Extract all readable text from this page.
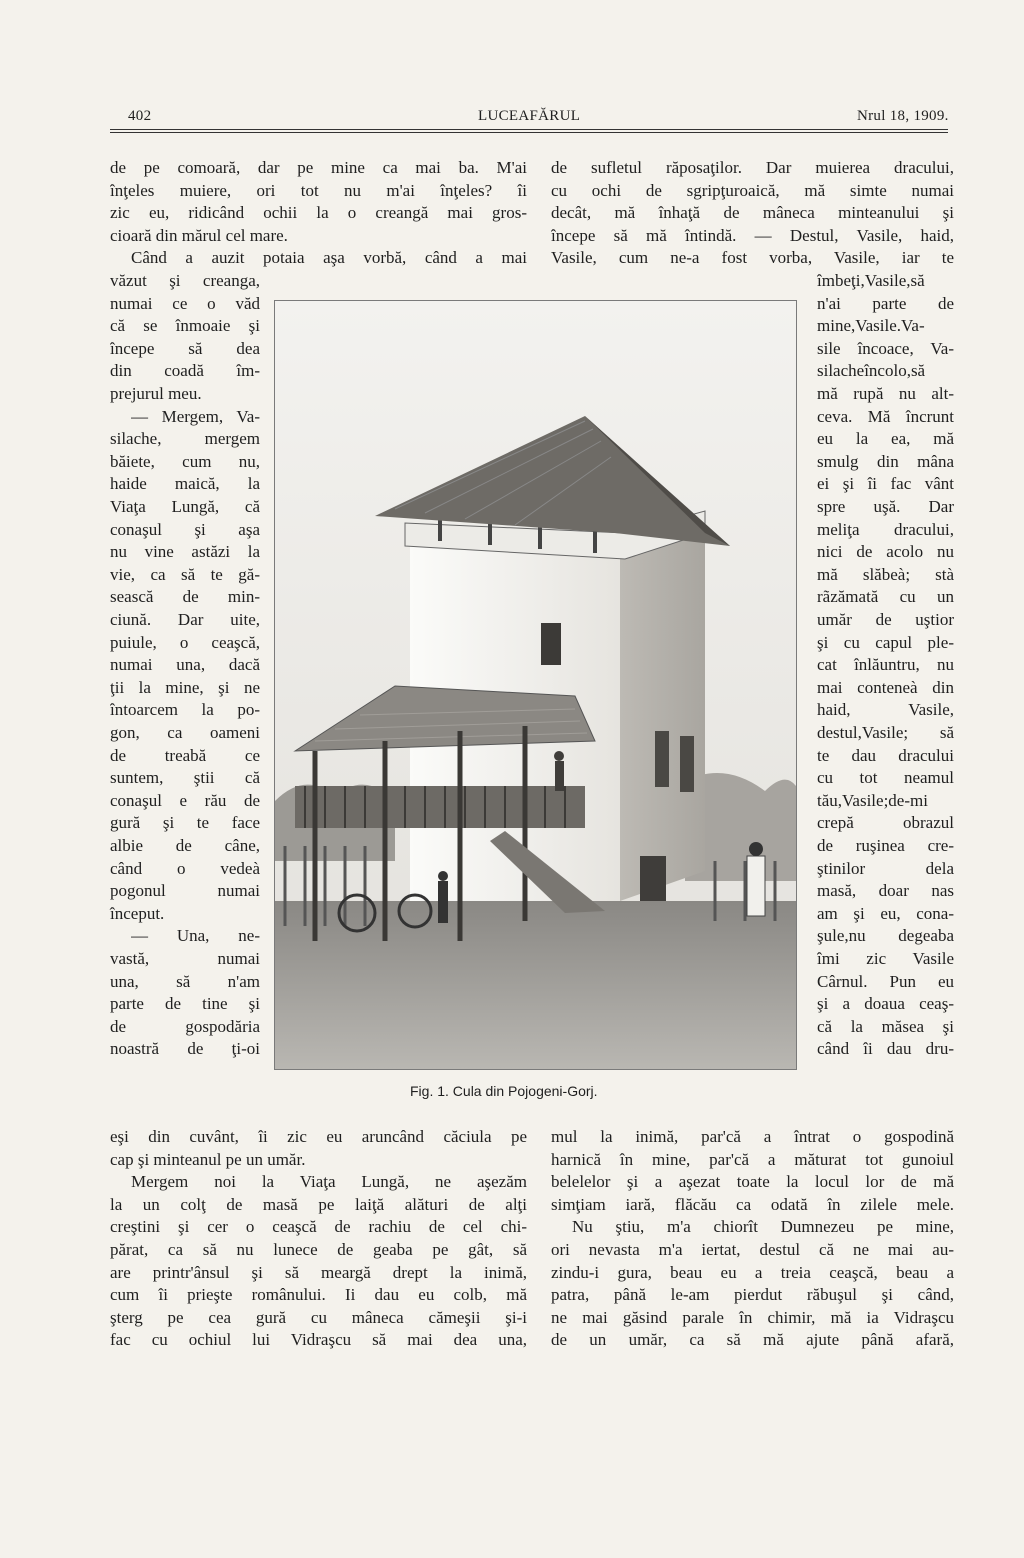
402	LUCEAFĂRUL	Nrul 18, 1909.
de pe comoară, dar pe mine ca mai ba. M'ai
înţeles muiere, ori tot nu m'ai înţeles? îi
zic eu, ridicând ochii la o creangă mai gros-
cioară din mărul cel mare.
Când a auzit potaia aşa vorbă, când a mai
văzut şi creanga,
numai ce o văd
că se înmoaie şi
începe să dea
din coadă îm-
prejurul meu.
— Mergem, Va-
silache, mergem
băiete, cum nu,
haide maică, la
Viaţa Lungă, că
conaşul şi aşa
nu vine astăzi la
vie, ca să te gă-
sească de min-
ciună. Dar uite,
puiule, o ceaşcă,
numai una, dacă
ţii la mine, şi ne
întoarcem la po-
gon, ca oameni
de treabă ce
suntem, ştii că
conaşul e rău de
gură şi te face
albie de câne,
când o vedeà
pogonul numai
început.
— Una, ne-
vastă, numai
una, să n'am
parte de tine şi
de gospodăria
noastră de ţi-oi
eşi din cuvânt, îi zic eu aruncând căciula pe
cap şi minteanul pe un umăr.
Mergem noi la Viaţa Lungă, ne aşezăm
la un colţ de masă pe laiţă alături de alţi
creştini şi cer o ceaşcă de rachiu de cel chi-
părat, ca să nu lunece de geaba pe gât, să
are printr'ânsul şi să meargă drept la inimă,
cum îi prieşte românului. Ii dau eu colb, mă
şterg pe cea gură cu mâneca cămeşii şi-i
fac cu ochiul lui Vidraşcu să mai dea una,
de sufletul răposaţilor. Dar muierea dracului,
cu ochi de sgripţuroaică, mă simte numai
decât, mă înhaţă de mâneca minteanului şi
începe să mă întindă. — Destul, Vasile, haid,
Vasile, cum ne-a fost vorba, Vasile, iar te
îmbeţi,Vasile,să
n'ai parte de
mine,Vasile.Va-
sile încoace, Va-
silacheîncolo,să
mă rupă nu alt-
ceva. Mă încrunt
eu la ea, mă
smulg din mâna
ei şi îi fac vânt
spre uşă. Dar
meliţa dracului,
nici de acolo nu
mă slăbeà; stà
rãzămată cu un
umăr de uştior
şi cu capul ple-
cat înlăuntru, nu
mai conteneà din
haid, Vasile,
destul,Vasile; să
te dau dracului
cu tot neamul
tău,Vasile;de-mi
crepă obrazul
de ruşinea cre-
ştinilor dela
masă, doar nas
am şi eu, cona-
şule,nu degeaba
îmi zic Vasile
Cârnul. Pun eu
şi a doaua ceaş-
că la măsea şi
când îi dau dru-
mul la inimă, par'că a întrat o gospodină
harnică în mine, par'că a măturat tot gunoiul
belelelor şi a aşezat toate la locul lor de mă
simţiam iară, flăcău ca odată în zilele mele.
Nu ştiu, m'a chiorît Dumnezeu pe mine,
ori nevasta m'a iertat, destul că ne mai au-
zindu-i gura, beau eu a treia ceaşcă, beau a
patra, până le-am pierdut răbuşul şi când,
ne mai găsind parale în chimir, mă ia Vidraşcu
de un umăr, ca să mă ajute până afară,
Fig. 1. Cula din Pojogeni-Gorj.
